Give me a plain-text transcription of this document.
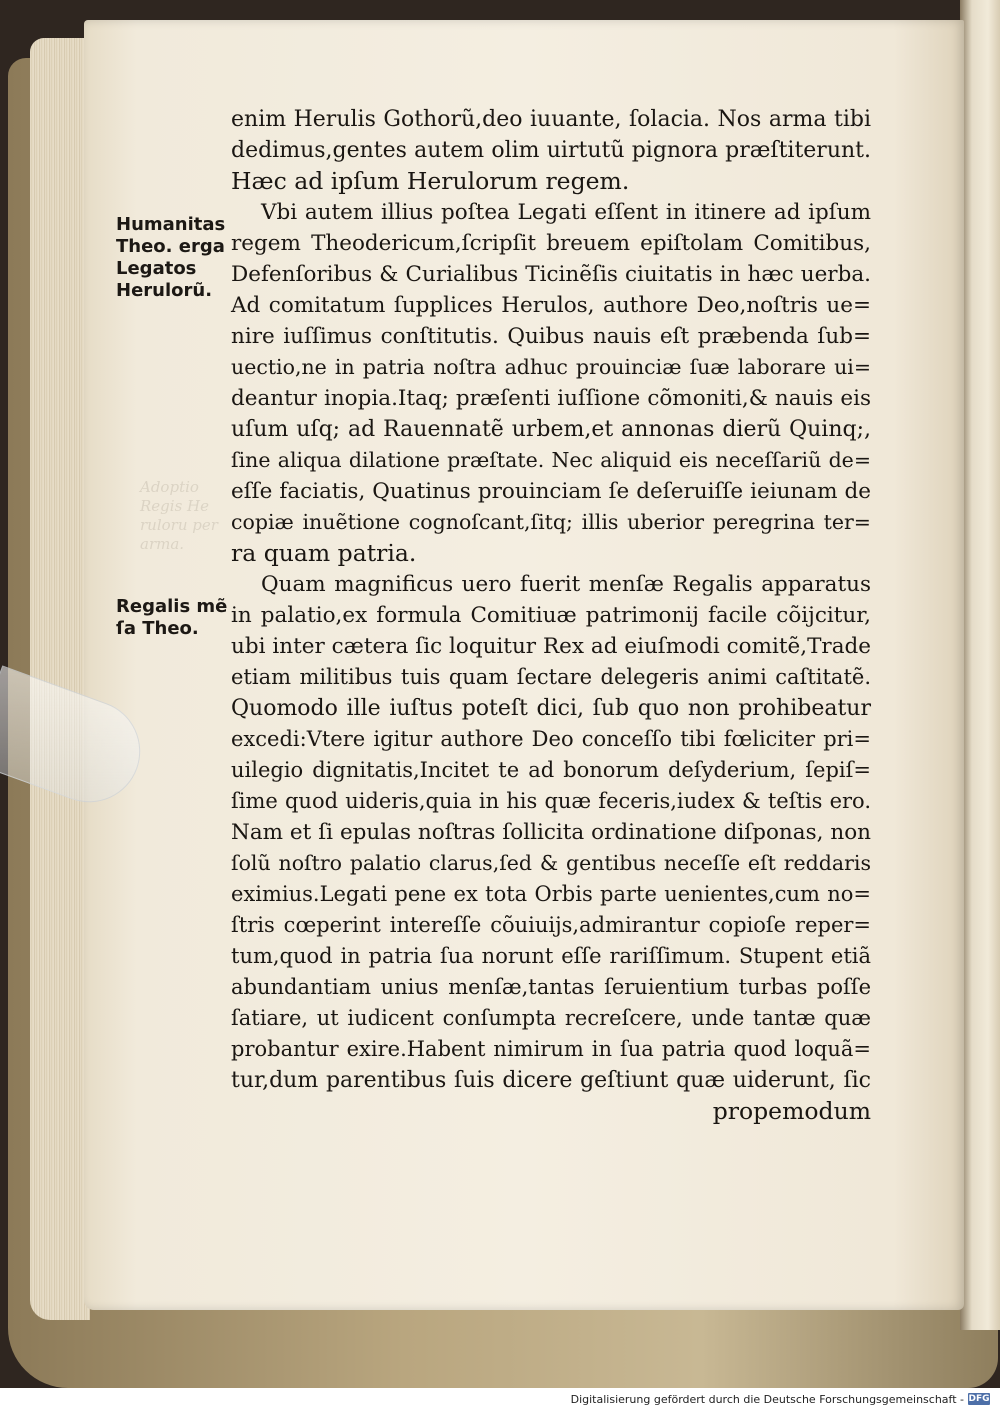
Adoptio
Regis He
ruloru per
arma.
Humanitas
Theo. erga
Legatos
Herulorũ.
Regalis mẽ
ſa Theo.
enim Herulis Gothorũ,deo iuuante, ſolacia. Nos arma tibi
dedimus,gentes autem olim uirtutũ pignora præſtiterunt.
Hæc ad ipſum Herulorum regem.
Vbi autem illius poſtea Legati eſſent in itinere ad ipſum
regem Theodericum,ſcripſit breuem epiſtolam Comitibus,
Defenſoribus & Curialibus Ticinẽſis ciuitatis in hæc uerba.
Ad comitatum ſupplices Herulos, authore Deo,noſtris ue=
nire iuſſimus conſtitutis. Quibus nauis eſt præbenda ſub=
uectio,ne in patria noſtra adhuc prouinciæ ſuæ laborare ui=
deantur inopia.Itaq; præſenti iuſſione cõmoniti,& nauis eis
uſum uſq; ad Rauennatẽ urbem,et annonas dierũ Quinq;,
ſine aliqua dilatione præſtate. Nec aliquid eis neceſſariũ de=
eſſe faciatis, Quatinus prouinciam ſe deſeruiſſe ieiunam de
copiæ inuẽtione cognoſcant,ſitq; illis uberior peregrina ter=
ra quam patria.
Quam magnificus uero fuerit menſæ Regalis apparatus
in palatio,ex formula Comitiuæ patrimonij facile cõijcitur,
ubi inter cætera ſic loquitur Rex ad eiuſmodi comitẽ,Trade
etiam militibus tuis quam ſectare delegeris animi caſtitatẽ.
Quomodo ille iuſtus poteſt dici, ſub quo non prohibeatur
excedi:Vtere igitur authore Deo conceſſo tibi fœliciter pri=
uilegio dignitatis,Incitet te ad bonorum deſyderium, ſepiſ=
ſime quod uideris,quia in his quæ feceris,iudex & teſtis ero.
Nam et ſi epulas noſtras ſollicita ordinatione diſponas, non
ſolũ noſtro palatio clarus,ſed & gentibus neceſſe eſt reddaris
eximius.Legati pene ex tota Orbis parte uenientes,cum no=
ſtris cœperint intereſſe cõuiuijs,admirantur copioſe reper=
tum,quod in patria ſua norunt eſſe rariſſimum. Stupent etiã
abundantiam unius menſæ,tantas ſeruientium turbas poſſe
ſatiare, ut iudicent conſumpta recreſcere, unde tantæ quæ
probantur exire.Habent nimirum in ſua patria quod loquã=
tur,dum parentibus ſuis dicere geſtiunt quæ uiderunt, ſic
propemodum
Digitalisierung gefördert durch die Deutsche Forschungsgemeinschaft - DFG
